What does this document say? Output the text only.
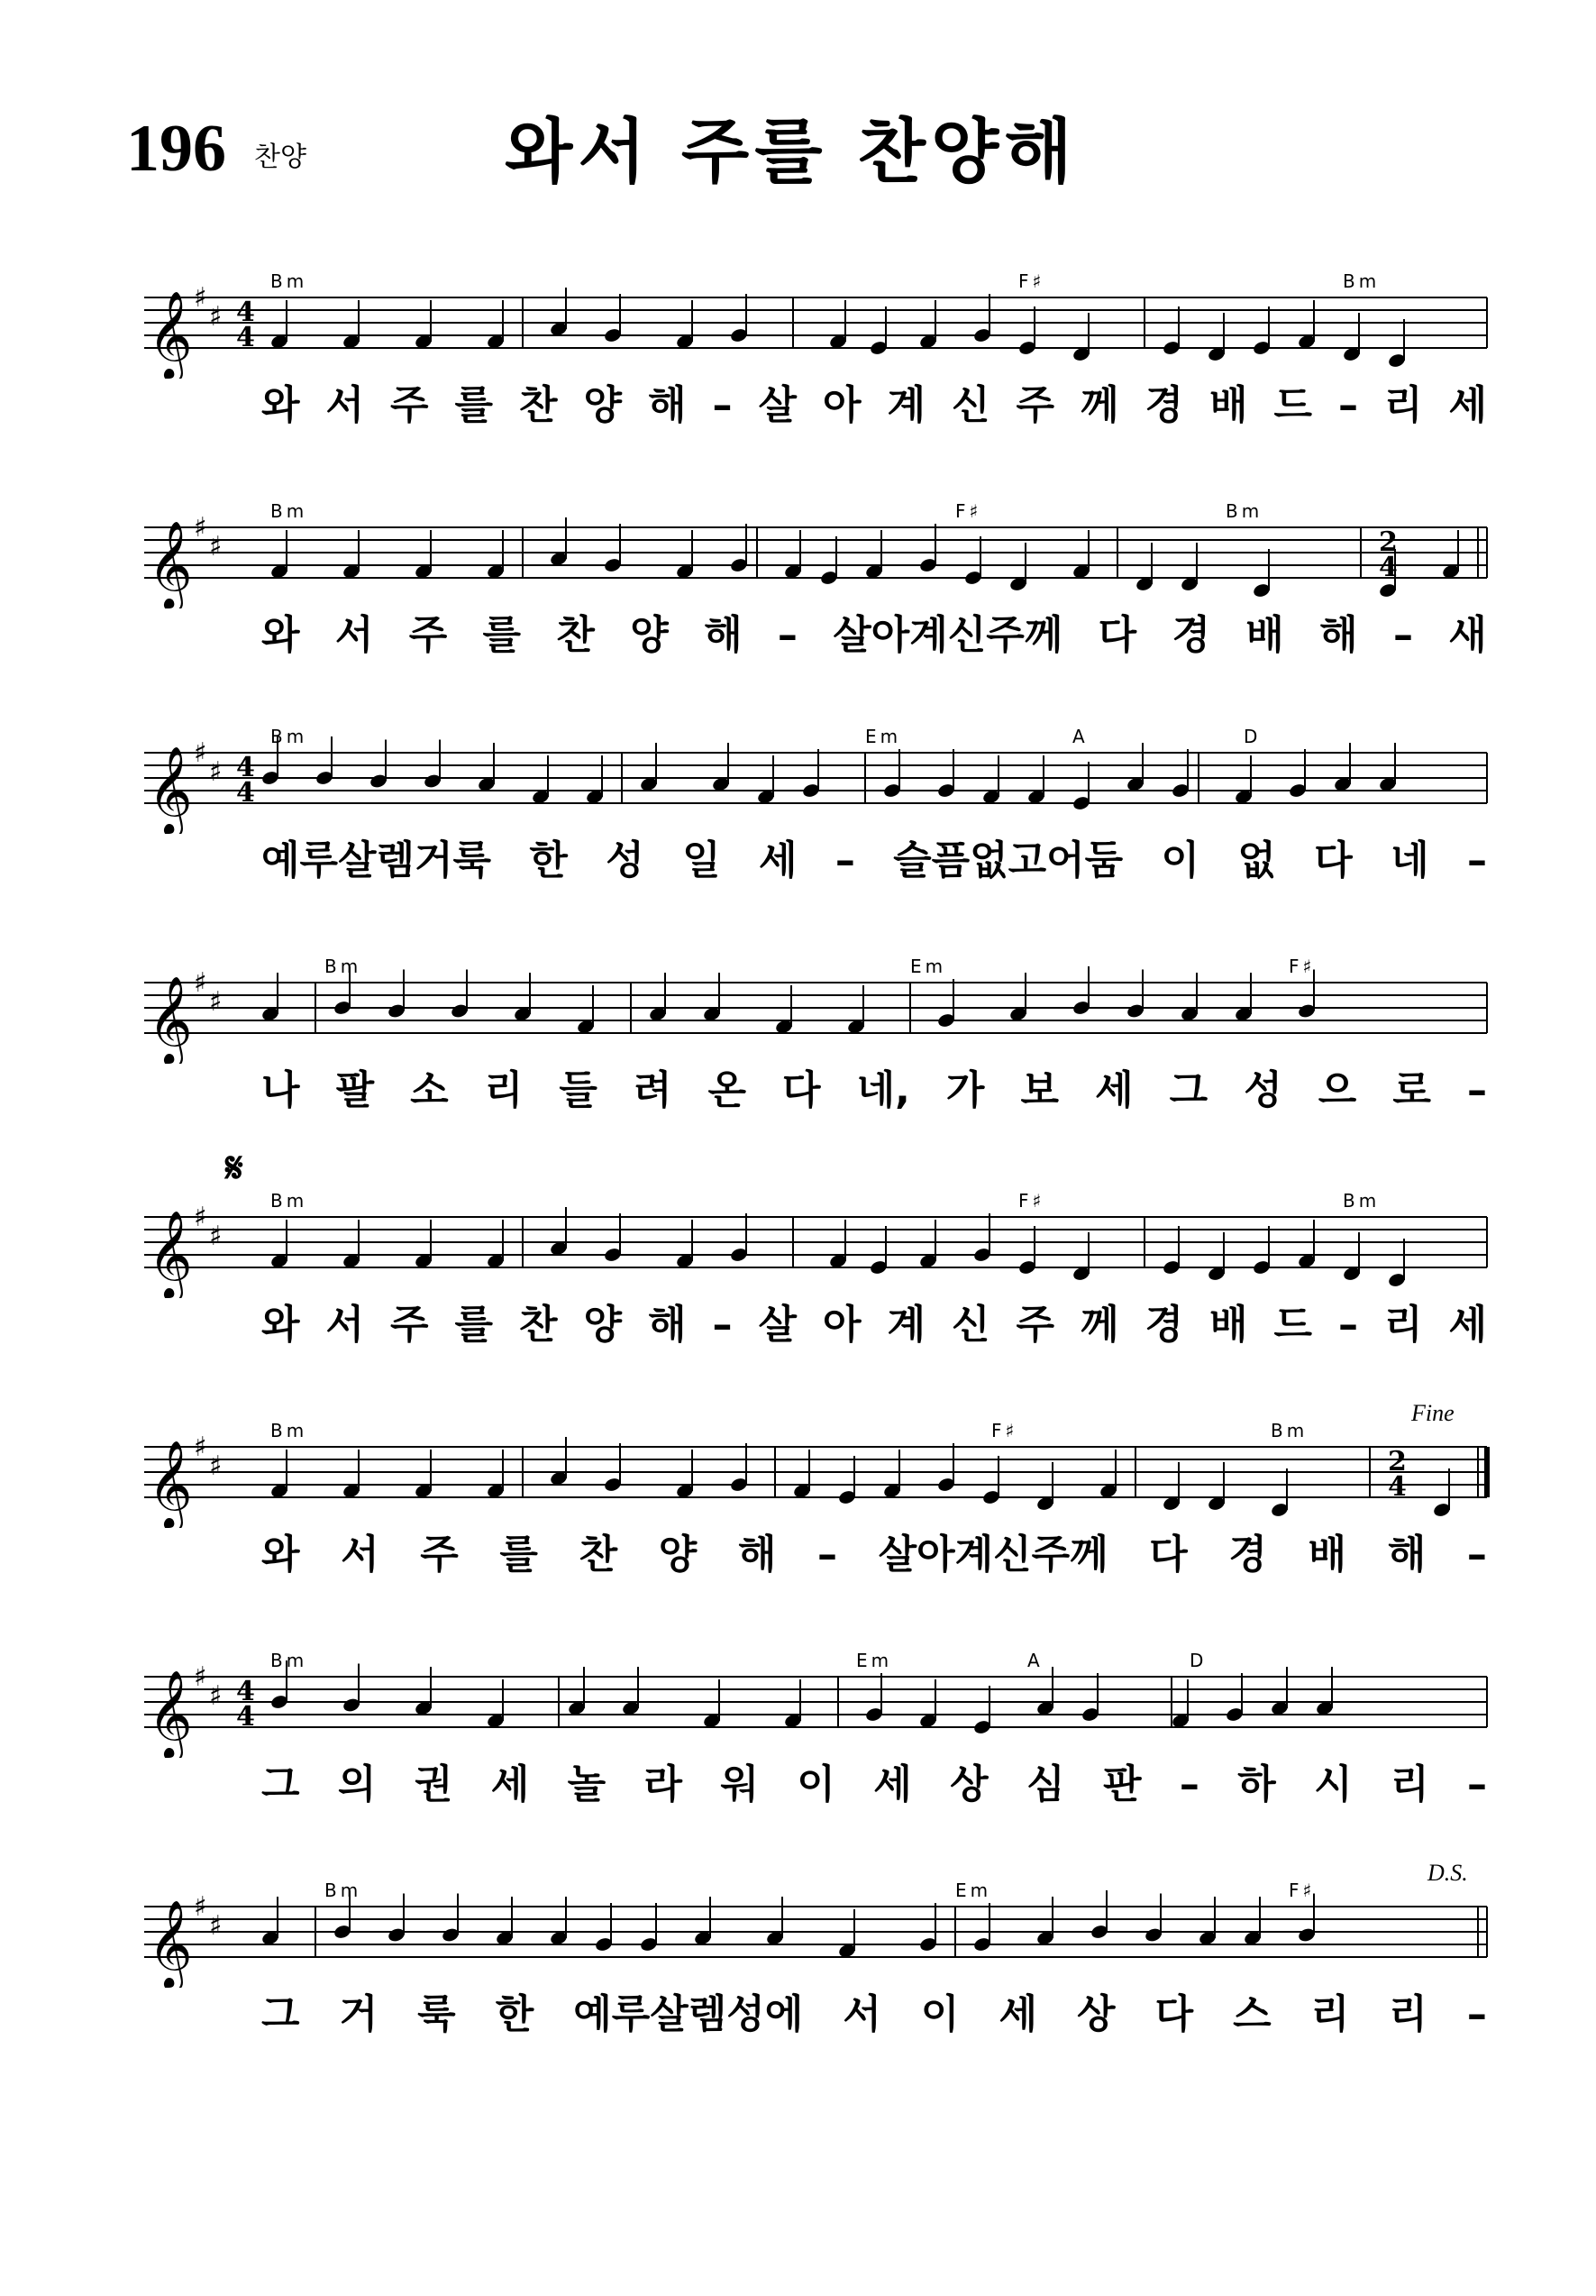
196 찬양	와서 주를 찬양해
𝄞 ♯
♯ 4
4
Bm	F♯	Bm
와 서 주 를 찬 양 해 – 살 아 계 신 주 께 경 배 드 – 리 세
𝄞 ♯
♯	2
4
Bm	F♯	Bm
와 서 주 를 찬 양 해 – 살아계신주께 다 경 배 해 – 새
𝄞 ♯
♯ 4
4
Bm	Em	A	D
예루살렘거룩 한 성 일 세 – 슬픔없고어둠 이 없 다 네 –
𝄞 ♯
♯
Bm	Em	F♯
나 팔 소 리 들 려 온 다 네, 가 보 세 그 성 으 로 –
𝄞 ♯
♯
Bm	F♯	Bm
𝄋
와 서 주 를 찬 양 해 – 살 아 계 신 주 께 경 배 드 – 리 세
𝄞 ♯
♯	2
4
Bm	F♯	Bm
Fine
와 서 주 를 찬 양 해 – 살아계신주께 다 경 배 해 –
𝄞 ♯
♯ 4
4
Bm	Em	A	D
그 의 권 세 놀 라 워 이 세 상 심 판 – 하 시 리 –
𝄞 ♯
♯
Bm	Em	F♯
D.S.
그 거 룩 한 예루살렘성에 서 이 세 상 다 스 리 리 –
